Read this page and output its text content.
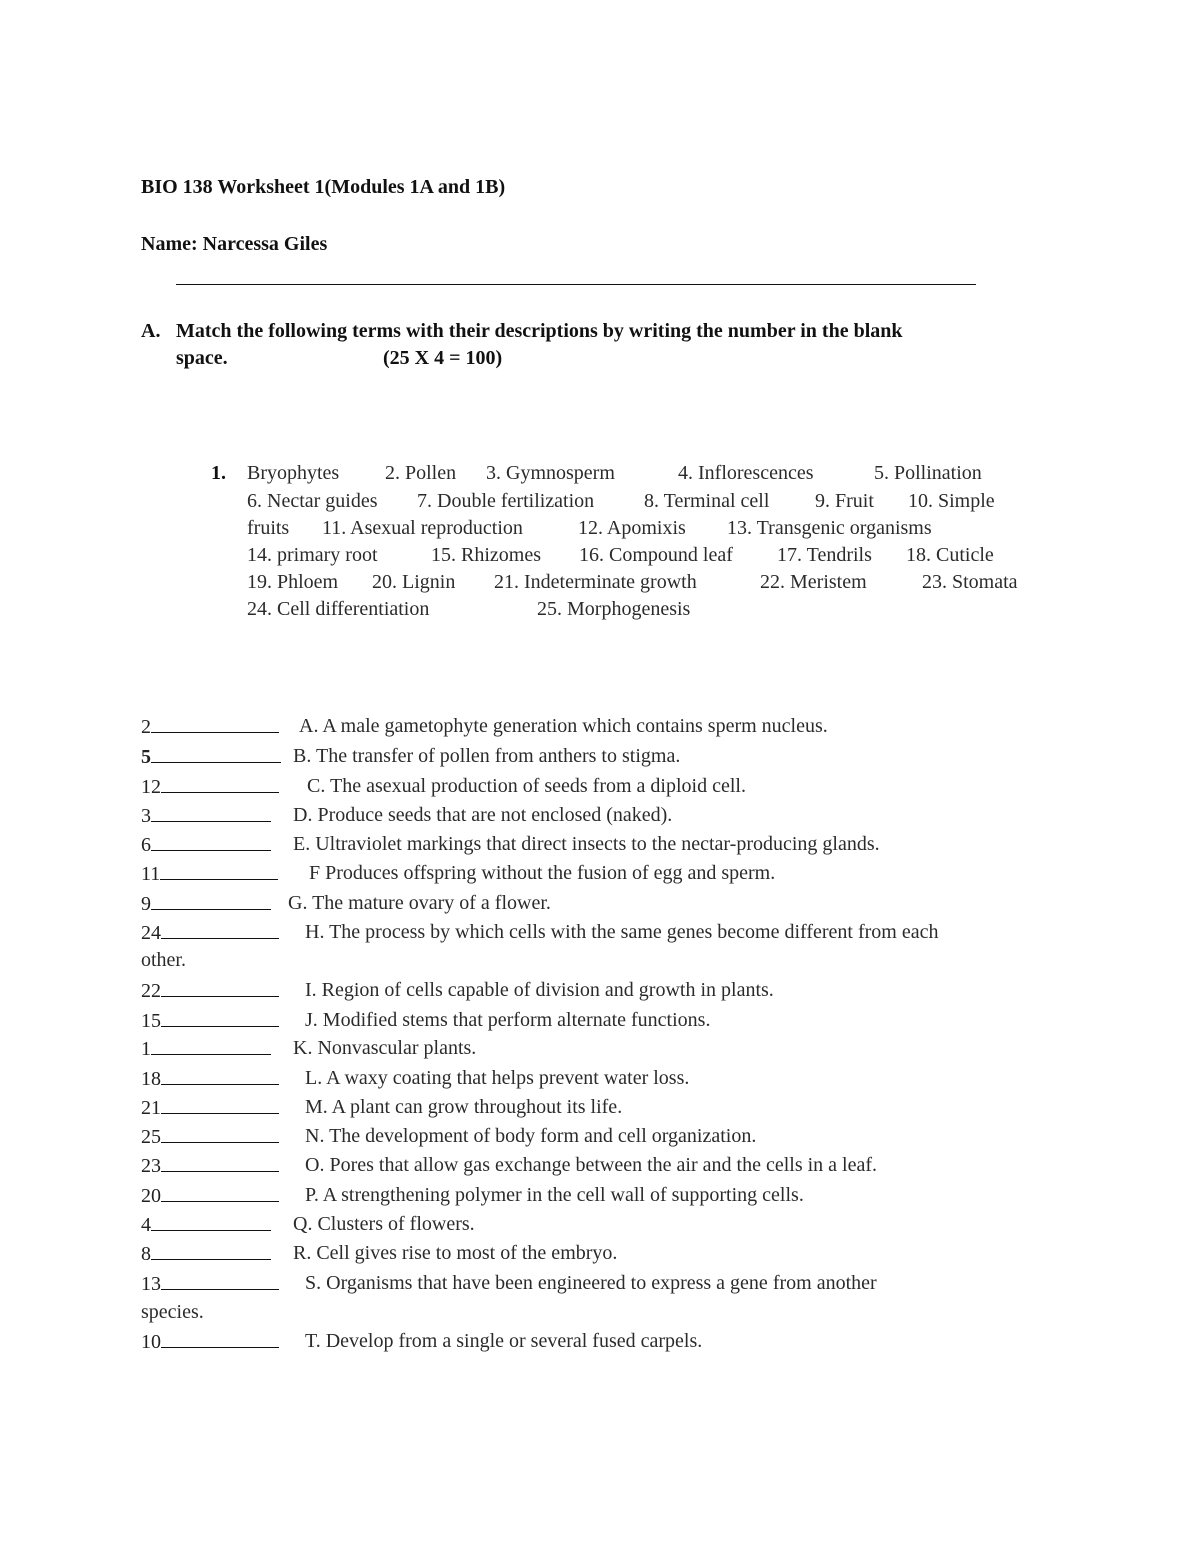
BIO 138 Worksheet 1(Modules 1A and 1B)
Name: Narcessa Giles
A. Match the following terms with their descriptions by writing the number in the blank
space.	(25 X 4 = 100)
1. Bryophytes 2. Pollen 3. Gymnosperm	4. Inflorescences	5. Pollination
6. Nectar guides 7. Double fertilization 8. Terminal cell 9. Fruit 10. Simple
fruits 11. Asexual reproduction	12. Apomixis 13. Transgenic organisms
14. primary root	15. Rhizomes 16. Compound leaf 17. Tendrils 18. Cuticle
19. Phloem 20. Lignin 21. Indeterminate growth	22. Meristem	23. Stomata
24. Cell differentiation	25. Morphogenesis
2	A. A male gametophyte generation which contains sperm nucleus.
5	B. The transfer of pollen from anthers to stigma.
12	C. The asexual production of seeds from a diploid cell.
3	D. Produce seeds that are not enclosed (naked).
6	E. Ultraviolet markings that direct insects to the nectar-producing glands.
11	F Produces offspring without the fusion of egg and sperm.
9	G. The mature ovary of a flower.
24	H. The process by which cells with the same genes become different from each
other.
22	I. Region of cells capable of division and growth in plants.
15	J. Modified stems that perform alternate functions.
1	K. Nonvascular plants.
18	L. A waxy coating that helps prevent water loss.
21	M. A plant can grow throughout its life.
25	N. The development of body form and cell organization.
23	O. Pores that allow gas exchange between the air and the cells in a leaf.
20	P. A strengthening polymer in the cell wall of supporting cells.
4	Q. Clusters of flowers.
8	R. Cell gives rise to most of the embryo.
13	S. Organisms that have been engineered to express a gene from another
species.
10	T. Develop from a single or several fused carpels.
